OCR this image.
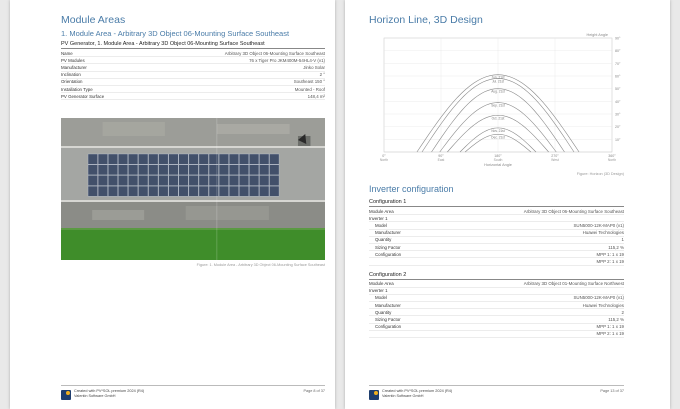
Module Areas
1. Module Area - Arbitrary 3D Object 06-Mounting Surface Southeast
PV Generator, 1. Module Area - Arbitrary 3D Object 06-Mounting Surface Southeast
Name	Arbitrary 3D Object 06-Mounting Surface Southeast
PV Modules	76 x Tiger Pro JKM400M-54HL4-V (v1)
Manufacturer	Jinko Solar
Inclination	2 °
Orientation	Southeast 150 °
Installation Type	Mounted - Roof
PV Generator Surface	148,4 m²
Figure: 1. Module Area - Arbitrary 3D Object 06-Mounting Surface Southeast
Created with PV*SOL premium 2024 (R4)
Valentin Software GmbH
Page 8 of 37
Horizon Line, 3D Design
10°
20°
30°
40°
50°
60°
70°
80°
90°
0°
North
90°
East
180°
South
270°
West
360°
North
Horizontal Angle
Height Angle
Jun. 21st
Jul. 21st
Aug. 21st
Dec. 21st
Nov. 21st
Oct. 21st
Sep. 21st
Figure: Horizon (3D Design)
Inverter configuration
Configuration 1
Module Area	Arbitrary 3D Object 06-Mounting Surface Southeast
Inverter 1	
Model	SUN5000-12K-MAP0 (v1)
Manufacturer	Huawei Technologies
Quantity	1
Sizing Factor	115,2 %
Configuration	MPP 1: 1 x 19
	MPP 2: 1 x 19
Configuration 2
Module Area	Arbitrary 3D Object 01-Mounting Surface Northwest
Inverter 1	
Model	SUN5000-12K-MAP0 (v1)
Manufacturer	Huawei Technologies
Quantity	2
Sizing Factor	115,2 %
Configuration	MPP 1: 1 x 19
	MPP 2: 1 x 19
Created with PV*SOL premium 2024 (R4)
Valentin Software GmbH
Page 13 of 37
